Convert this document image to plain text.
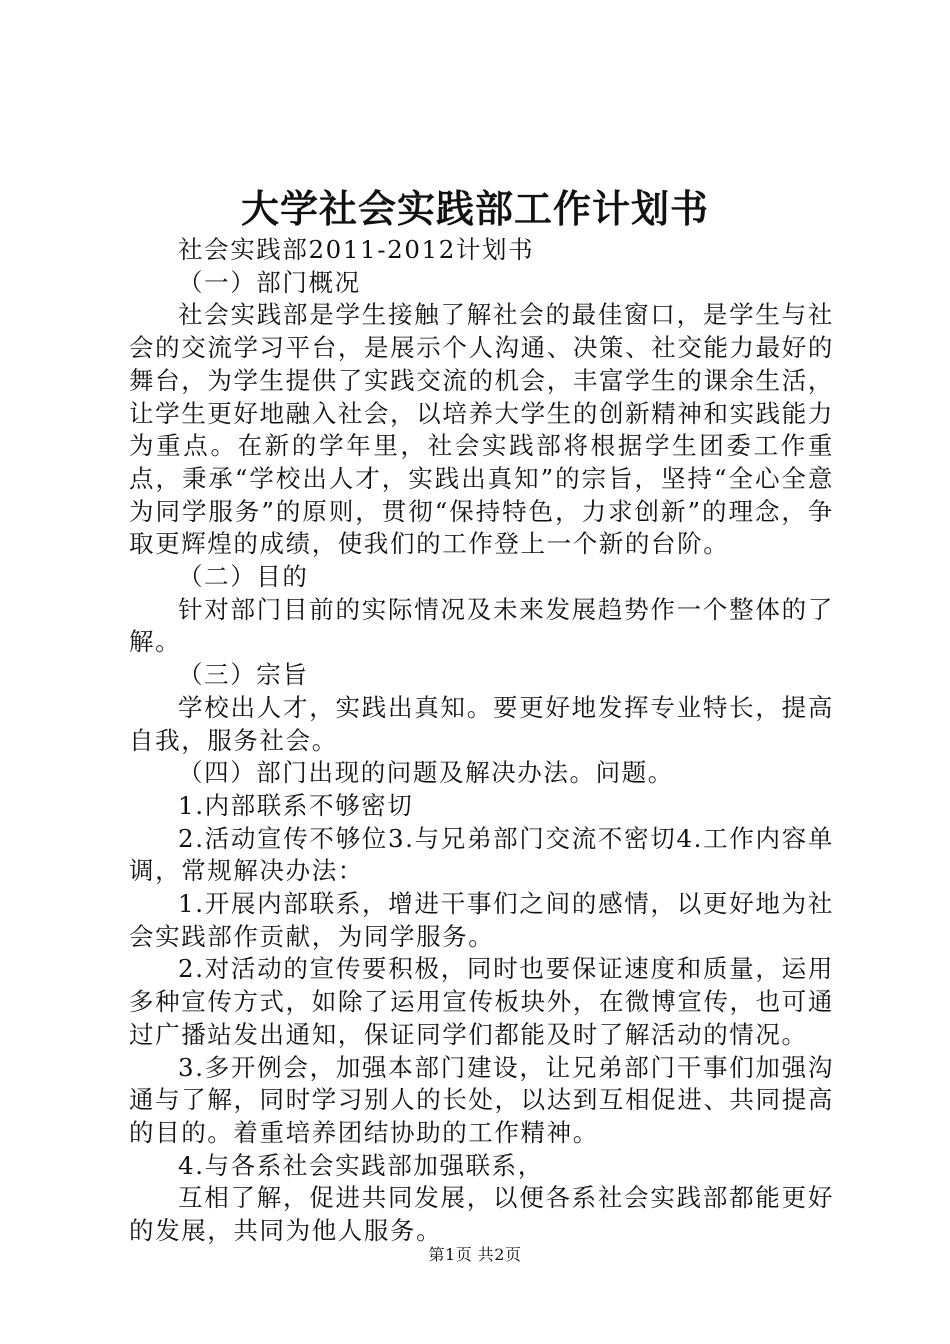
大学社会实践部工作计划书

社会实践部2011-2012计划书

（一）部门概况

社会实践部是学生接触了解社会的最佳窗口，是学生与社会的交流学习平台，是展示个人沟通、决策、社交能力最好的舞台，为学生提供了实践交流的机会，丰富学生的课余生活，让学生更好地融入社会，以培养大学生的创新精神和实践能力为重点。在新的学年里，社会实践部将根据学生团委工作重点，秉承“学校出人才，实践出真知”的宗旨，坚持“全心全意为同学服务”的原则，贯彻“保持特色，力求创新”的理念，争取更辉煌的成绩，使我们的工作登上一个新的台阶。

（二）目的

针对部门目前的实际情况及未来发展趋势作一个整体的了解。

（三）宗旨

学校出人才，实践出真知。要更好地发挥专业特长，提高自我，服务社会。

（四）部门出现的问题及解决办法。问题。

1.内部联系不够密切

2.活动宣传不够位3.与兄弟部门交流不密切4.工作内容单调，常规解决办法：

1.开展内部联系，增进干事们之间的感情，以更好地为社会实践部作贡献，为同学服务。

2.对活动的宣传要积极，同时也要保证速度和质量，运用多种宣传方式，如除了运用宣传板块外，在微博宣传，也可通过广播站发出通知，保证同学们都能及时了解活动的情况。

3.多开例会，加强本部门建设，让兄弟部门干事们加强沟通与了解，同时学习别人的长处，以达到互相促进、共同提高的目的。着重培养团结协助的工作精神。

4.与各系社会实践部加强联系，

互相了解，促进共同发展，以便各系社会实践部都能更好的发展，共同为他人服务。

第1页 共2页
